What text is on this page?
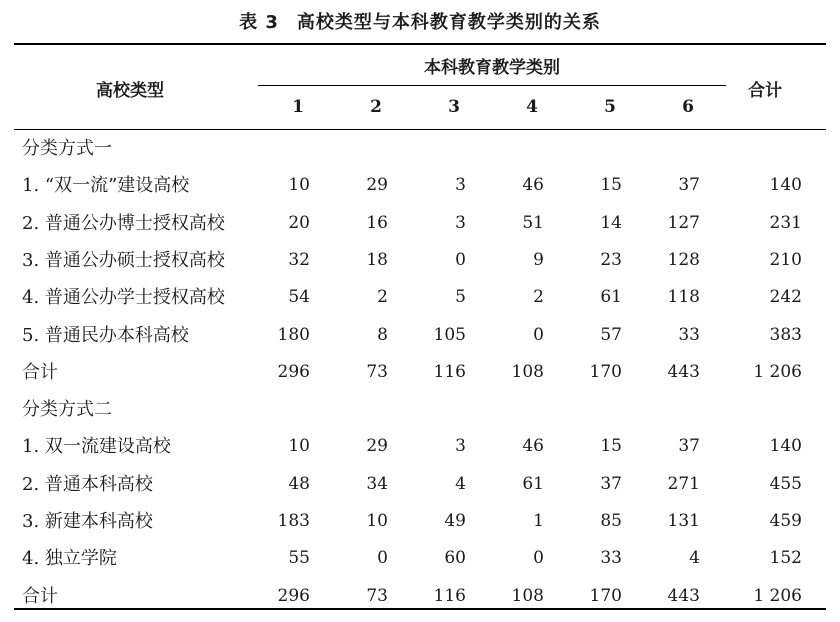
表 3 高校类型与本科教育教学类别的关系
高校类型
本科教育教学类别
合计
1	2	3	4	5	6
分类方式一
1. “双一流”建设高校	10	29	3	46	15	37	140
2. 普通公办博士授权高校	20	16	3	51	14	127	231
3. 普通公办硕士授权高校	32	18	0	9	23	128	210
4. 普通公办学士授权高校	54	2	5	2	61	118	242
5. 普通民办本科高校	180	8	105	0	57	33	383
合计	296	73	116	108	170	443	1 206
分类方式二
1. 双一流建设高校	10	29	3	46	15	37	140
2. 普通本科高校	48	34	4	61	37	271	455
3. 新建本科高校	183	10	49	1	85	131	459
4. 独立学院	55	0	60	0	33	4	152
合计	296	73	116	108	170	443	1 206
